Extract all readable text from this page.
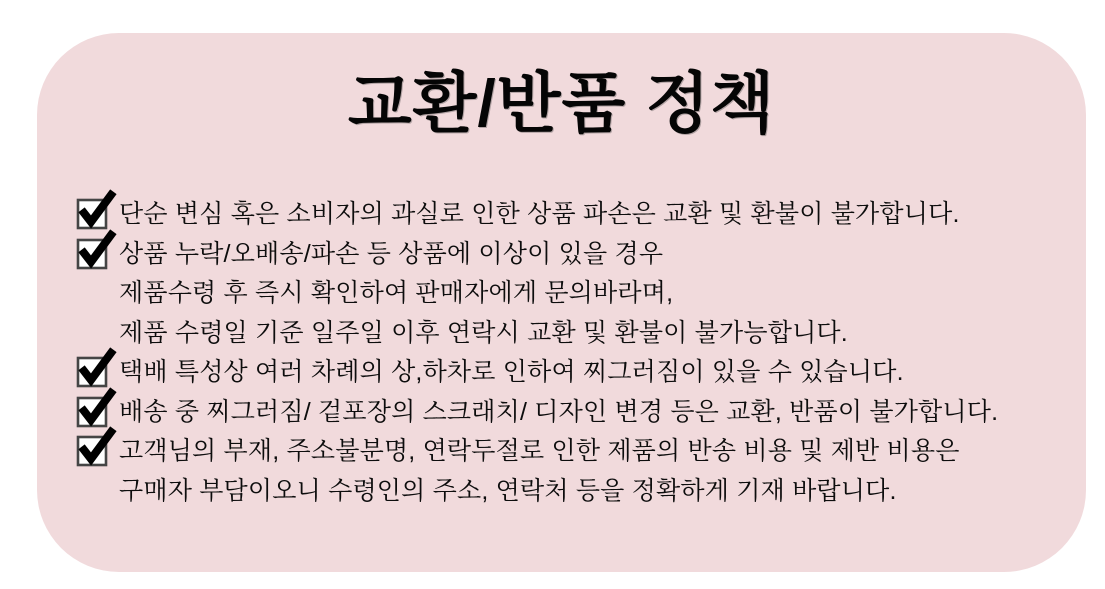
교환/반품 정책
단순 변심 혹은 소비자의 과실로 인한 상품 파손은 교환 및 환불이 불가합니다.
상품 누락/오배송/파손 등 상품에 이상이 있을 경우
제품수령 후 즉시 확인하여 판매자에게 문의바라며,
제품 수령일 기준 일주일 이후 연락시 교환 및 환불이 불가능합니다.
택배 특성상 여러 차례의 상,하차로 인하여 찌그러짐이 있을 수 있습니다.
배송 중 찌그러짐/ 겉포장의 스크래치/ 디자인 변경 등은 교환, 반품이 불가합니다.
고객님의 부재, 주소불분명, 연락두절로 인한 제품의 반송 비용 및 제반 비용은
구매자 부담이오니 수령인의 주소, 연락처 등을 정확하게 기재 바랍니다.
